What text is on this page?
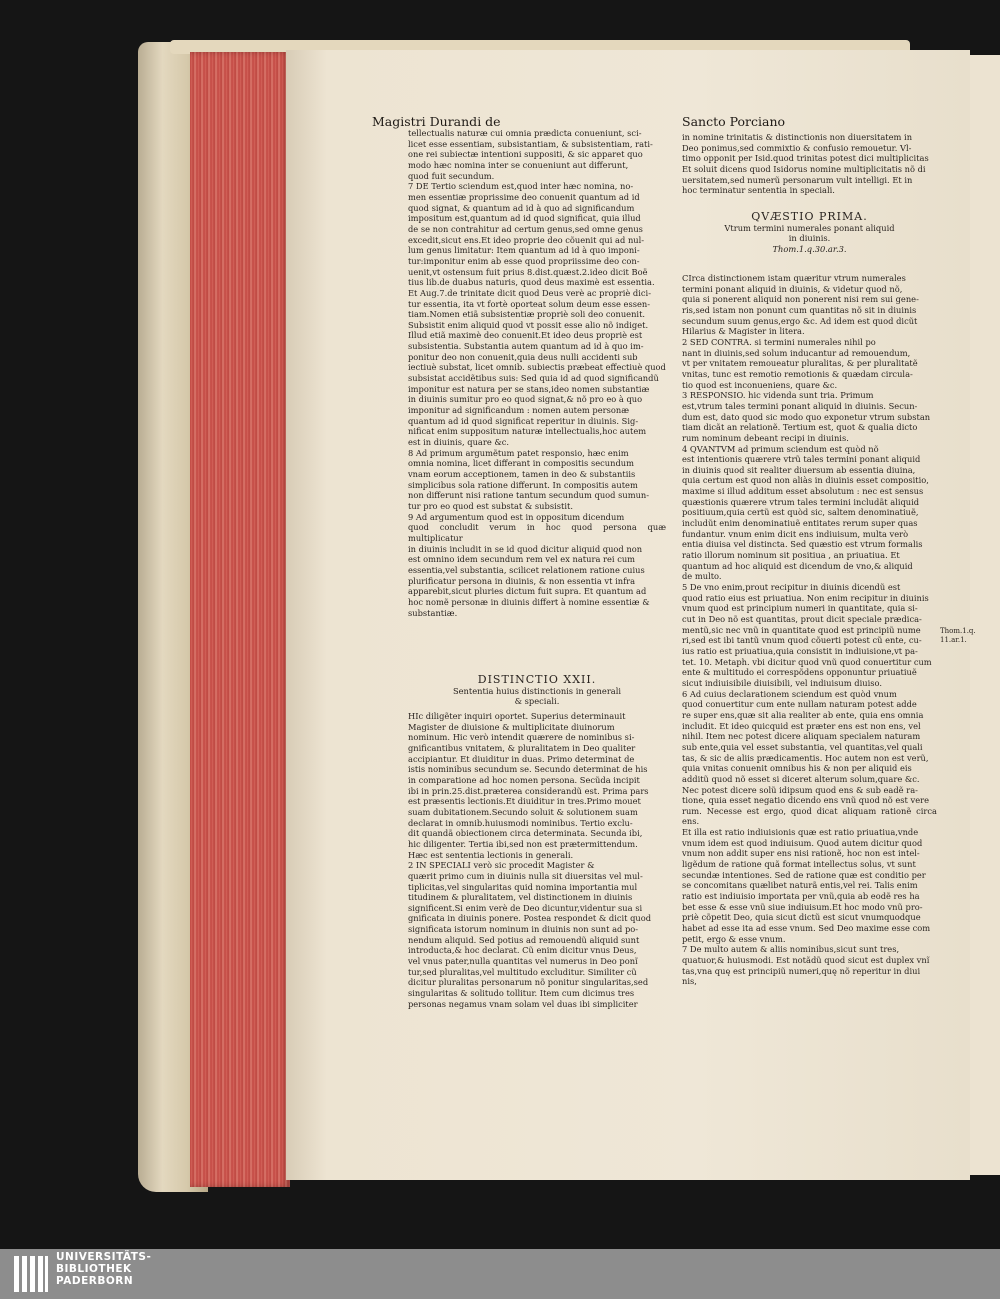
Magistri Durandi de	Sancto Porciano

tellectualis naturæ cui omnia prædicta conueniunt, sci-

licet esse essentiam, subsistantiam, & subsistentiam, rati-

one rei subiectæ intentioni suppositi, & sic apparet quo

modo hæc nomina inter se conueniunt aut differunt,

quod fuit secundum.

7 DE Tertio sciendum est,quod inter hæc nomina, no-

men essentiæ proprissime deo conuenit quantum ad id

quod signat, & quantum ad id à quo ad significandum

impositum est,quantum ad id quod significat, quia illud

de se non contrahitur ad certum genus,sed omne genus

excedit,sicut ens.Et ideo proprie deo cõuenit qui ad nul-

lum genus limitatur: Item quantum ad id à quo imponi-

tur:imponitur enim ab esse quod propriissime deo con-

uenit,vt ostensum fuit prius 8.dist.quæst.2.ideo dicit Boë

tius lib.de duabus naturis, quod deus maximè est essentia.

Et Aug.7.de trinitate dicit quod Deus verè ac propriè dici-

tur essentia, ita vt fortè oporteat solum deum esse essen-

tiam.Nomen etiã subsistentiæ propriè soli deo conuenit.

Subsistit enim aliquid quod vt possit esse alio nõ indiget.

Illud etiã maximè deo conuenit.Et ideo deus propriè est

subsistentia. Substantia autem quantum ad id à quo im-

ponitur deo non conuenit,quia deus nulli accidenti sub

iectiuè substat, licet omnib. subiectis præbeat effectiuè quod

subsistat accidẽtibus suis: Sed quia id ad quod significandũ

imponitur est natura per se stans,ideo nomen substantiæ

in diuinis sumitur pro eo quod signat,& nõ pro eo à quo

imponitur ad significandum : nomen autem personæ

quantum ad id quod significat reperitur in diuinis. Sig-

nificat enim suppositum naturæ intellectualis,hoc autem

est in diuinis, quare &c.

8 Ad primum argumẽtum patet responsio, hæc enim

omnia nomina, licet differant in compositis secundum

vnam eorum acceptionem, tamen in deo & substantiis

simplicibus sola ratione differunt. In compositis autem

non differunt nisi ratione tantum secundum quod sumun-

tur pro eo quod est substat & subsistit.

9 Ad argumentum quod est in oppositum dicendum

quod concludit verum in hoc quod persona quæ multiplicatur

in diuinis includit in se id quod dicitur aliquid quod non

est omnino idem secundum rem vel ex natura rei cum

essentia,vel substantia, scilicet relationem ratione cuius

plurificatur persona in diuinis, & non essentia vt infra

apparebit,sicut pluries dictum fuit supra. Et quantum ad

hoc nomẽ personæ in diuinis differt à nomine essentiæ &

substantiæ.

DISTINCTIO XXII.

Sententia huius distinctionis in generali

& speciali.

HIc diligẽter inquiri oportet. Superius determinauit

Magister de diuisione & multiplicitate diuinorum

nominum. Hic verò intendit quærere de nominibus si-

gnificantibus vnitatem, & pluralitatem in Deo qualiter

accipiantur. Et diuiditur in duas. Primo determinat de

istis nominibus secundum se. Secundo determinat de his

in comparatione ad hoc nomen persona. Secũda incipit

ibi in prin.25.dist.præterea considerandũ est. Prima pars

est præsentis lectionis.Et diuiditur in tres.Primo mouet

suam dubitationem.Secundo soluit & solutionem suam

declarat in omnib.huiusmodi nominibus. Tertio exclu-

dit quandã obiectionem circa determinata. Secunda ibi,

hic diligenter. Tertia ibi,sed non est prætermittendum.

Hæc est sententia lectionis in generali.

2 IN SPECIALI verò sic procedit Magister &

quærit primo cum in diuinis nulla sit diuersitas vel mul-

tiplicitas,vel singularitas quid nomina importantia mul

titudinem & pluralitatem, vel distinctionem in diuinis

significent.Si enim verè de Deo dicuntur,videntur sua si

gnificata in diuinis ponere. Postea respondet & dicit quod

significata istorum nominum in diuinis non sunt ad po-

nendum aliquid. Sed potius ad remouendũ aliquid sunt

introducta,& hoc declarat. Cũ enim dicitur vnus Deus,

vel vnus pater,nulla quantitas vel numerus in Deo ponĩ

tur,sed pluralitas,vel multitudo excluditur. Similiter cũ

dicitur pluralitas personarum nõ ponitur singularitas,sed

singularitas & solitudo tollitur. Item cum dicimus tres

personas negamus vnam solam vel duas ibi simpliciter

in nomine trinitatis & distinctionis non diuersitatem in

Deo ponimus,sed commixtio & confusio remouetur. Vl-

timo opponit per Isid.quod trinitas potest dici multiplicitas

Et soluit dicens quod Isidorus nomine multiplicitatis nõ di

uersitatem,sed numerũ personarum vult intelligi. Et in

hoc terminatur sententia in speciali.

QVÆSTIO PRIMA.

Vtrum termini numerales ponant aliquid

in diuinis.

Thom.1.q.30.ar.3.

CIrca distinctionem istam quæritur vtrum numerales

termini ponant aliquid in diuinis, & videtur quod nõ,

quia si ponerent aliquid non ponerent nisi rem sui gene-

ris,sed istam non ponunt cum quantitas nõ sit in diuinis

secundum suum genus,ergo &c. Ad idem est quod dicũt

Hilarius & Magister in litera.

2 SED CONTRA. si termini numerales nihil po

nant in diuinis,sed solum inducantur ad remouendum,

vt per vnitatem remoueatur pluralitas, & per pluralitatẽ

vnitas, tunc est remotio remotionis & quædam circula-

tio quod est inconueniens, quare &c.

3 RESPONSIO. hic videnda sunt tria. Primum

est,vtrum tales termini ponant aliquid in diuinis. Secun-

dum est, dato quod sic modo quo exponetur vtrum substan

tiam dicãt an relationẽ. Tertium est, quot & qualia dicto

rum nominum debeant recipi in diuinis.

4 QVANTVM ad primum sciendum est quòd nõ

est intentionis quærere vtrũ tales termini ponant aliquid

in diuinis quod sit realiter diuersum ab essentia diuina,

quia certum est quod non aliàs in diuinis esset compositio,

maxime si illud additum esset absolutum : nec est sensus

quæstionis quærere vtrum tales termini includãt aliquid

positiuum,quia certũ est quòd sic, saltem denominatiuẽ,

includũt enim denominatiuẽ entitates rerum super quas

fundantur. vnum enim dicit ens indiuisum, multa verò

entia diuisa vel distincta. Sed quæstio est vtrum formalis

ratio illorum nominum sit positiua , an priuatiua. Et

quantum ad hoc aliquid est dicendum de vno,& aliquid

de multo.

5 De vno enim,prout recipitur in diuinis dicendũ est

quod ratio eius est priuatiua. Non enim recipitur in diuinis

vnum quod est principium numeri in quantitate, quia si-

cut in Deo nõ est quantitas, prout dicit speciale prædica-

mentũ,sic nec vnũ in quantitate quod est principiũ nume

ri,sed est ibi tantũ vnum quod cõuerti potest cũ ente, cu-

ius ratio est priuatiua,quia consistit in indiuisione,vt pa-

tet. 10. Metaph. vbi dicitur quod vnũ quod conuertitur cum

ente & multitudo ei correspõdens opponuntur priuatiuẽ

sicut indiuisibile diuisibili, vel indiuisum diuiso.

6 Ad cuius declarationem sciendum est quòd vnum

quod conuertitur cum ente nullam naturam potest adde

re super ens,quæ sit alia realiter ab ente, quia ens omnia

includit. Et ideo quicquid est præter ens est non ens, vel

nihil. Item nec potest dicere aliquam specialem naturam

sub ente,quia vel esset substantia, vel quantitas,vel quali

tas, & sic de aliis prædicamentis. Hoc autem non est verũ,

quia vnitas conuenit omnibus his & non per aliquid eis

additũ quod nõ esset si diceret alterum solum,quare &c.

Nec potest dicere solũ idipsum quod ens & sub eadẽ ra-

tione, quia esset negatio dicendo ens vnũ quod nõ est vere

rum. Necesse est ergo, quod dicat aliquam rationẽ circa ens.

Et illa est ratio indiuisionis quæ est ratio priuatiua,vnde

vnum idem est quod indiuisum. Quod autem dicitur quod

vnum non addit super ens nisi rationẽ, hoc non est intel-

ligẽdum de ratione quã format intellectus solus, vt sunt

secundæ intentiones. Sed de ratione quæ est conditio per

se concomitans quælibet naturã entis,vel rei. Talis enim

ratio est indiuisio importata per vnũ,quia ab eodẽ res ha

bet esse & esse vnũ siue indiuisum.Et hoc modo vnũ pro-

priè cõpetit Deo, quia sicut dictũ est sicut vnumquodque

habet ad esse ita ad esse vnum. Sed Deo maxime esse com

petit, ergo & esse vnum.

7 De multo autem & aliis nominibus,sicut sunt tres,

quatuor,& huiusmodi. Est notãdũ quod sicut est duplex vnĩ

tas,vna quę est principiũ numeri,quę nõ reperitur in diui

nis,

Thom.1.q.
11.ar.1.
UNIVERSITÄTS-
BIBLIOTHEK
PADERBORN
